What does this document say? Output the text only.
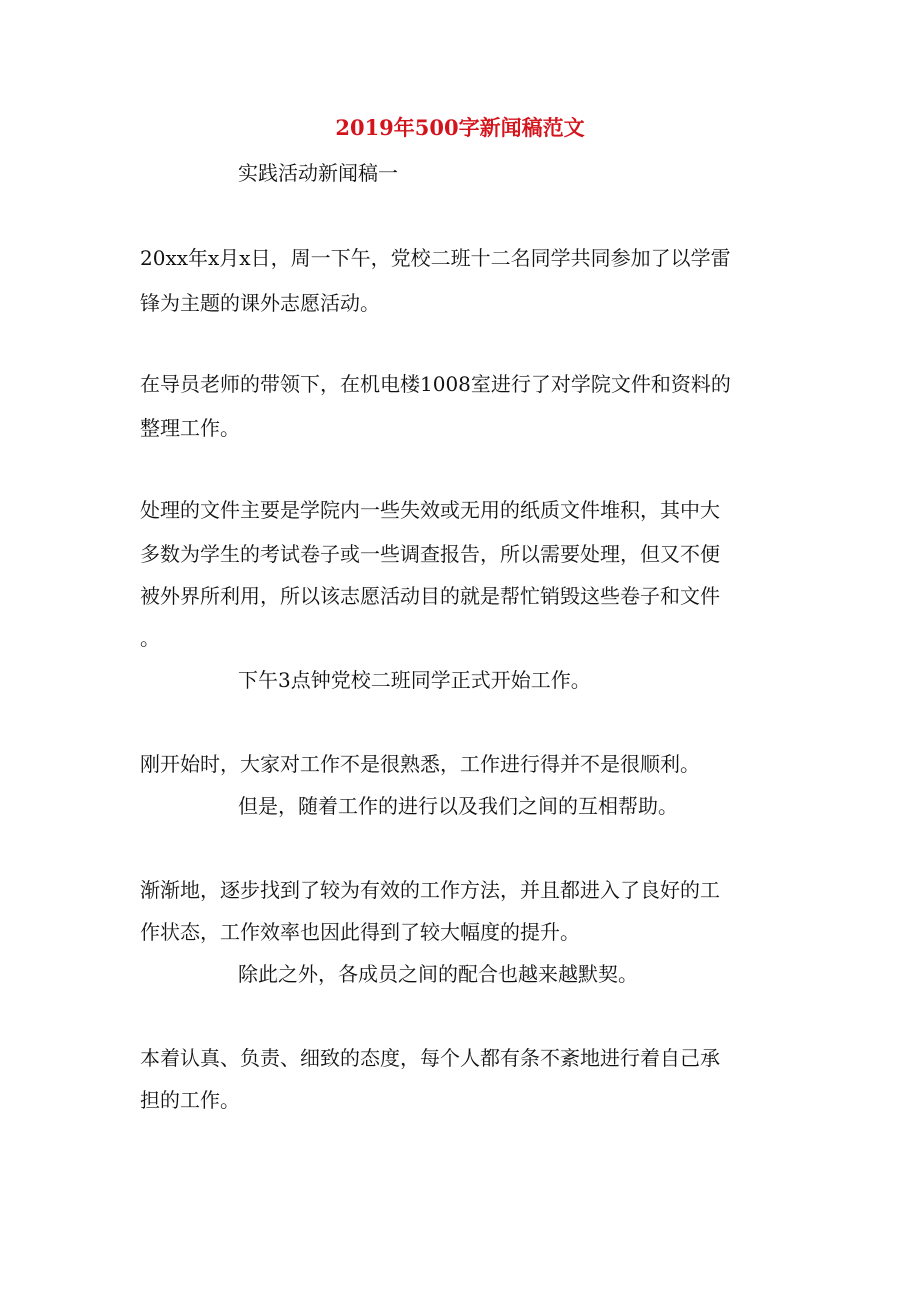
2019年500字新闻稿范文
实践活动新闻稿一
20xx年x月x日，周一下午，党校二班十二名同学共同参加了以学雷
锋为主题的课外志愿活动。
在导员老师的带领下，在机电楼1008室进行了对学院文件和资料的
整理工作。
处理的文件主要是学院内一些失效或无用的纸质文件堆积，其中大
多数为学生的考试卷子或一些调查报告，所以需要处理，但又不便
被外界所利用，所以该志愿活动目的就是帮忙销毁这些卷子和文件
。
下午3点钟党校二班同学正式开始工作。
刚开始时，大家对工作不是很熟悉，工作进行得并不是很顺利。
但是，随着工作的进行以及我们之间的互相帮助。
渐渐地，逐步找到了较为有效的工作方法，并且都进入了良好的工
作状态，工作效率也因此得到了较大幅度的提升。
除此之外，各成员之间的配合也越来越默契。
本着认真、负责、细致的态度，每个人都有条不紊地进行着自己承
担的工作。
